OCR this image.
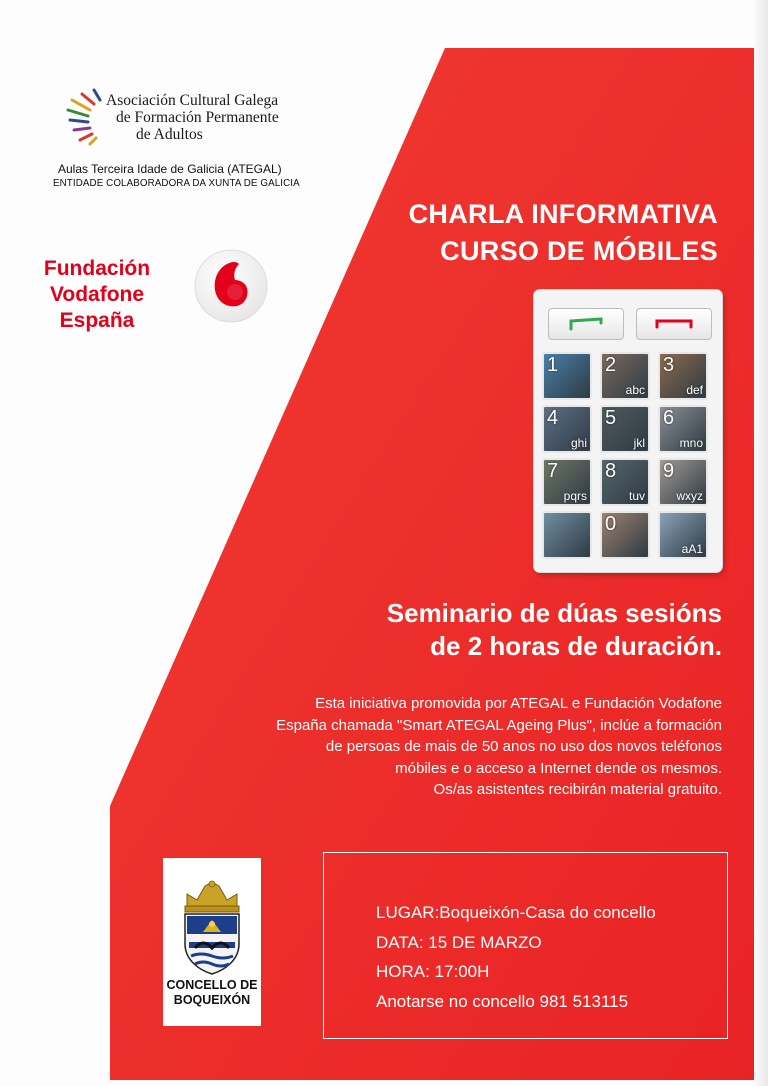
Asociación Cultural Galega
de Formación Permanente
de Adultos
Aulas Terceira Idade de Galicia (ATEGAL)
ENTIDADE COLABORADORA DA XUNTA DE GALICIA
Fundación
Vodafone
España
CHARLA INFORMATIVA
CURSO DE MÓBILES
1 2
abc
3
def
4
ghi
5
jkl
6
mno
7
pqrs
8
tuv
9
wxyz
0
aA1
Seminario de dúas sesións
de 2 horas de duración.
Esta iniciativa promovida por ATEGAL e Fundación Vodafone
España chamada "Smart ATEGAL Ageing Plus", inclúe a formación
de persoas de mais de 50 anos no uso dos novos teléfonos
móbiles e o acceso a Internet dende os mesmos.
Os/as asistentes recibirán material gratuito.
CONCELLO DE
BOQUEIXÓN
LUGAR:Boqueixón-Casa do concello
DATA: 15 DE MARZO
HORA: 17:00H
Anotarse no concello 981 513115
